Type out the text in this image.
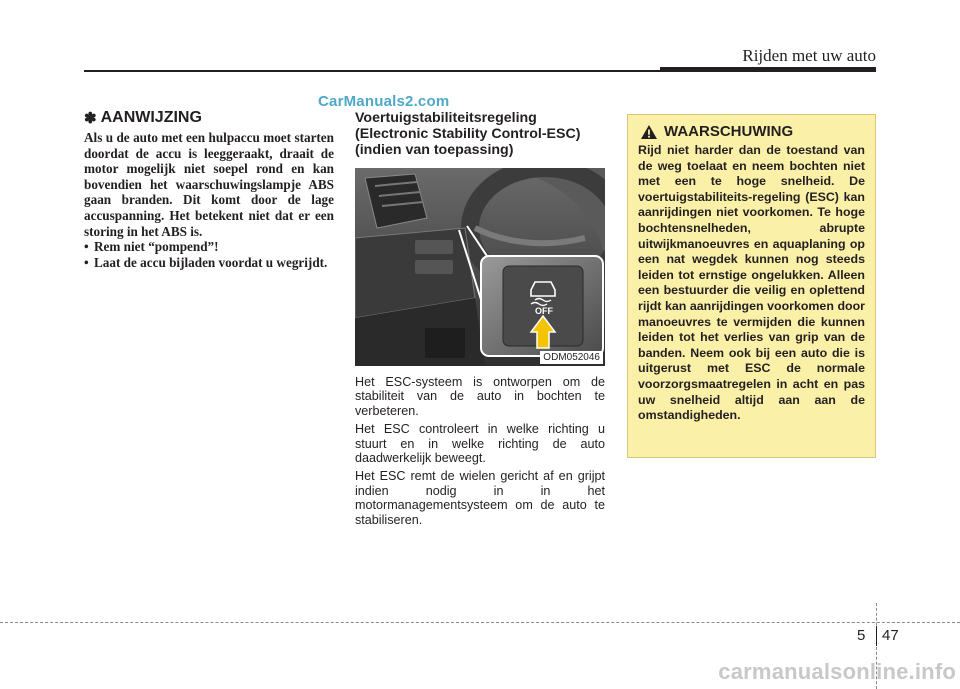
Rijden met uw auto
CarManuals2.com
✽ AANWIJZING

Als u de auto met een hulpaccu moet starten doordat de accu is leeggeraakt, draait de motor mogelijk niet soepel rond en kan bovendien het waarschuwingslampje ABS gaan branden. Dit komt door de lage accuspanning. Het betekent niet dat er een storing in het ABS is.

• Rem niet “pompend”!
• Laat de accu bijladen voordat u wegrijdt.
Voertuigstabiliteitsregeling
(Electronic Stability Control-ESC)
(indien van toepassing)
OFF
ODM052046

Het ESC-systeem is ontworpen om de stabiliteit van de auto in bochten te verbeteren.

Het ESC controleert in welke richting u stuurt en in welke richting de auto daadwerkelijk beweegt.

Het ESC remt de wielen gericht af en grijpt indien nodig in in het motormanagementsysteem om de auto te stabiliseren.

WAARSCHUWING

Rijd niet harder dan de toestand van de weg toelaat en neem bochten niet met een te hoge snelheid. De voertuigstabiliteits-regeling (ESC) kan aanrijdingen niet voorkomen. Te hoge bochtensnelheden, abrupte uitwijkmanoeuvres en aquaplaning op een nat wegdek kunnen nog steeds leiden tot ernstige ongelukken. Alleen een bestuurder die veilig en oplettend rijdt kan aanrijdingen voorkomen door manoeuvres te vermijden die kunnen leiden tot het verlies van grip van de banden. Neem ook bij een auto die is uitgerust met ESC de normale voorzorgsmaatregelen in acht en pas uw snelheid altijd aan aan de omstandigheden.

5 47
carmanualsonline.info
